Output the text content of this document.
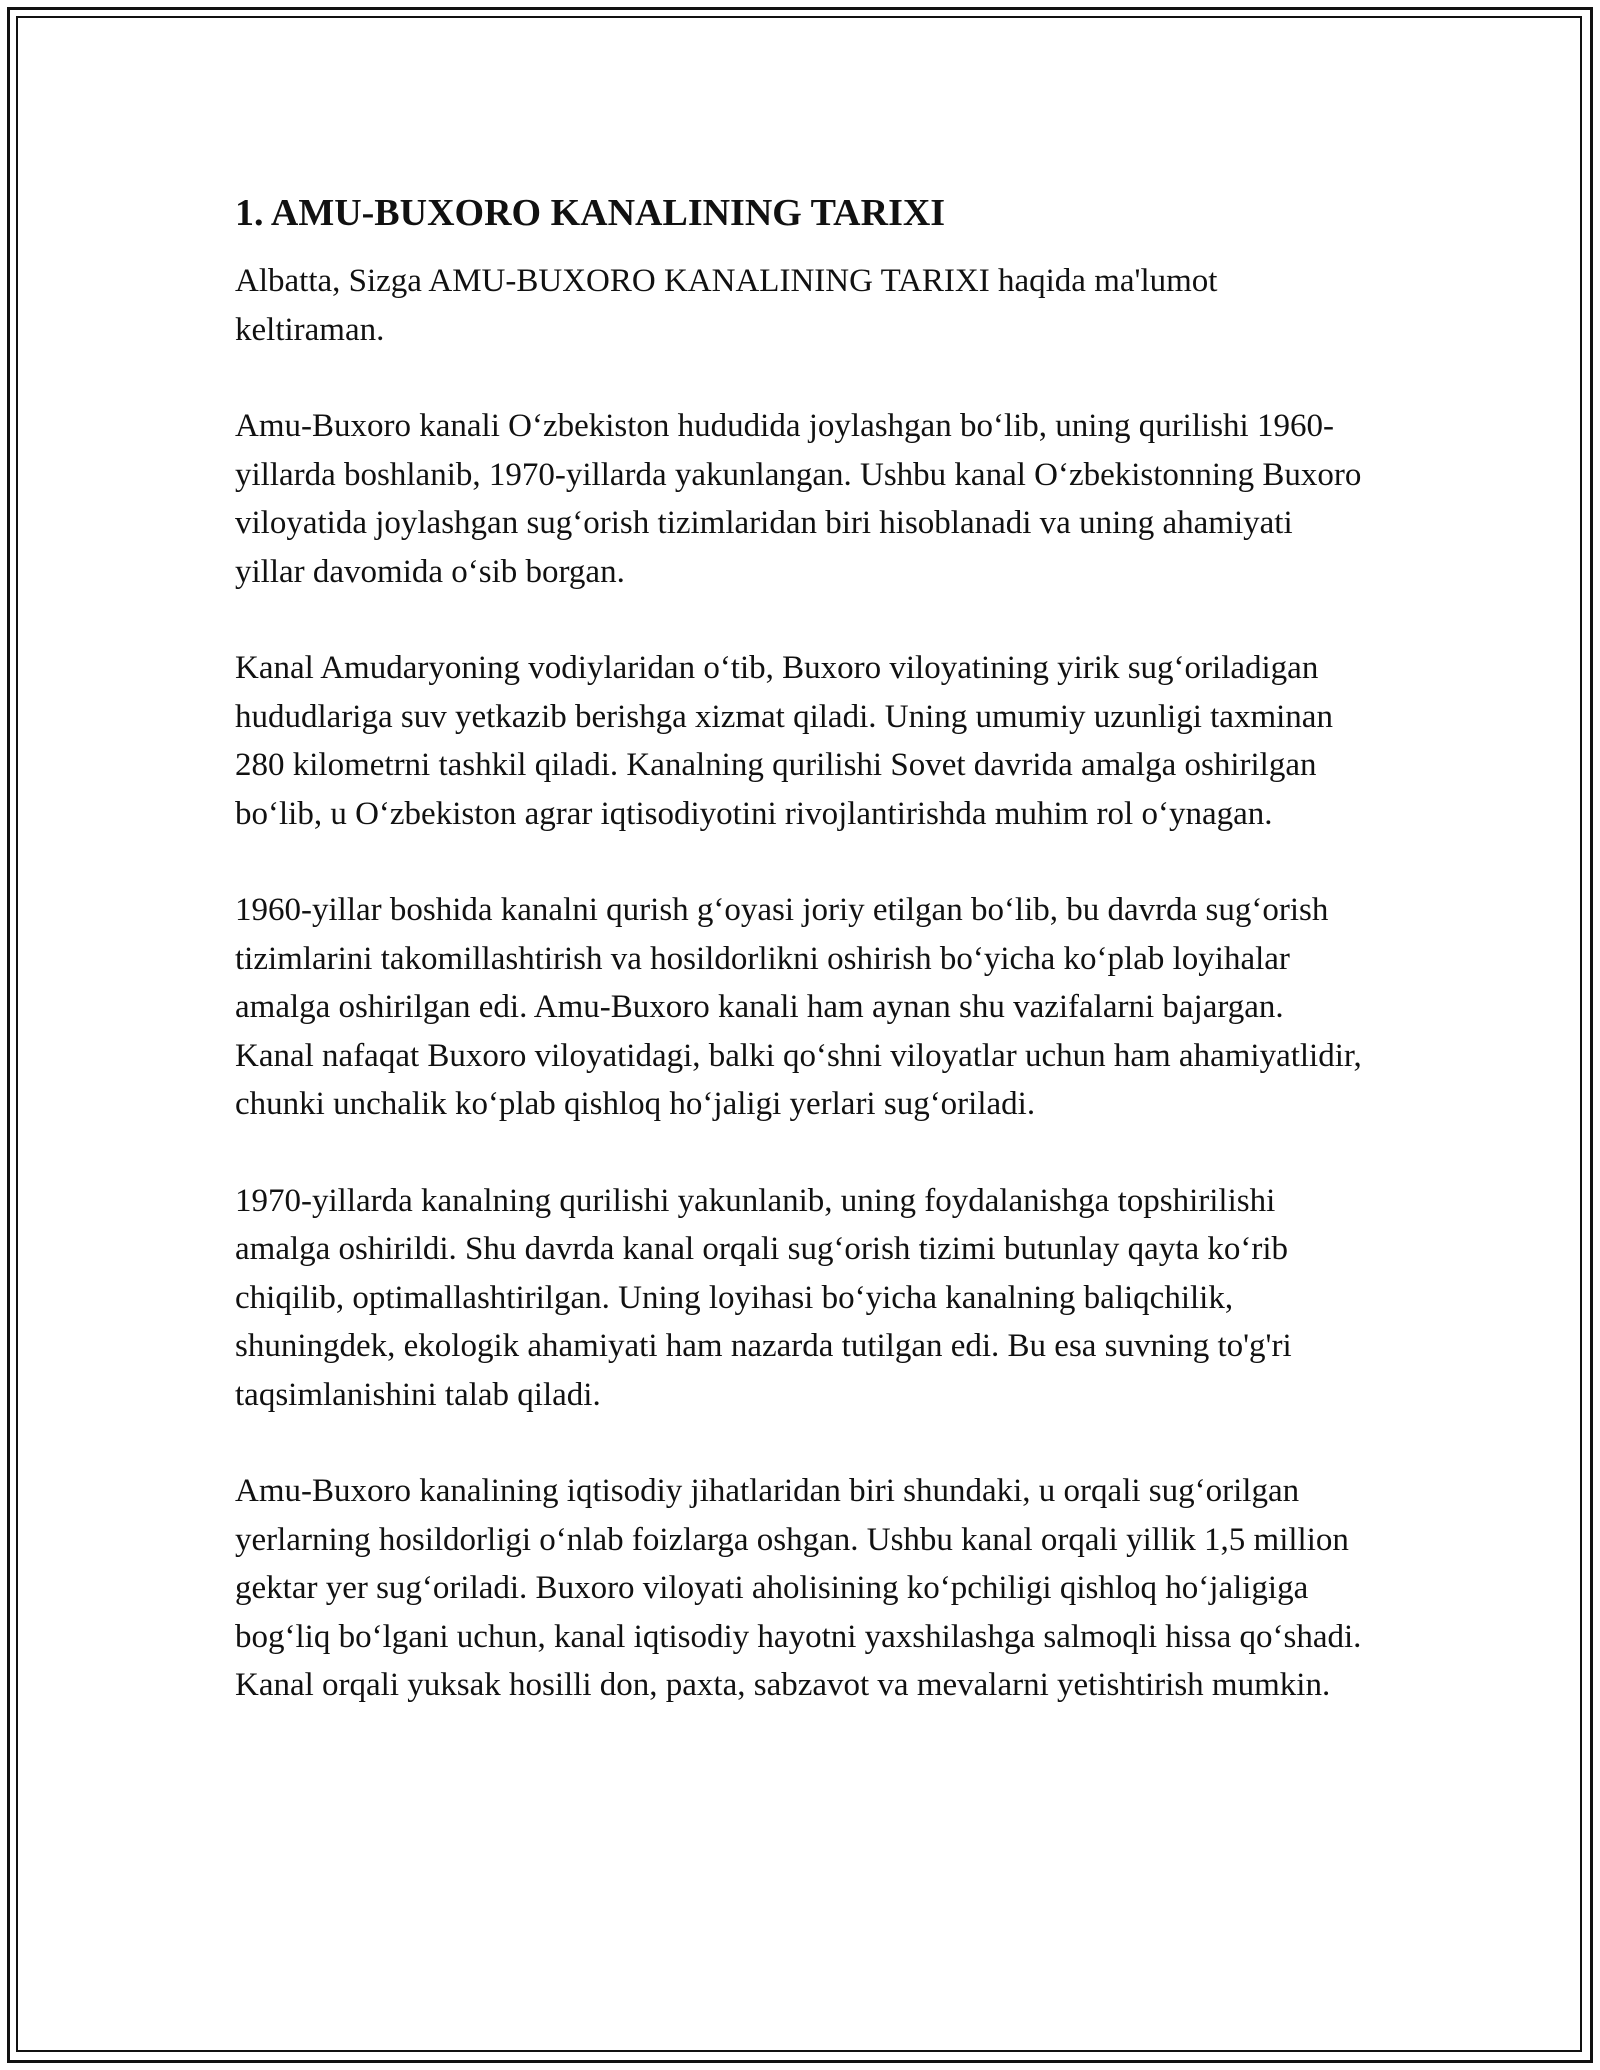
1. AMU-BUXORO KANALINING TARIXI

Albatta, Sizga AMU-BUXORO KANALINING TARIXI haqida ma'lumot keltiraman.

Amu-Buxoro kanali O‘zbekiston hududida joylashgan bo‘lib, uning qurilishi 1960-yillarda boshlanib, 1970-yillarda yakunlangan. Ushbu kanal O‘zbekistonning Buxoro viloyatida joylashgan sug‘orish tizimlaridan biri hisoblanadi va uning ahamiyati yillar davomida o‘sib borgan.

Kanal Amudaryoning vodiylaridan o‘tib, Buxoro viloyatining yirik sug‘oriladigan hududlariga suv yetkazib berishga xizmat qiladi. Uning umumiy uzunligi taxminan 280 kilometrni tashkil qiladi. Kanalning qurilishi Sovet davrida amalga oshirilgan bo‘lib, u O‘zbekiston agrar iqtisodiyotini rivojlantirishda muhim rol o‘ynagan.

1960-yillar boshida kanalni qurish g‘oyasi joriy etilgan bo‘lib, bu davrda sug‘orish tizimlarini takomillashtirish va hosildorlikni oshirish bo‘yicha ko‘plab loyihalar amalga oshirilgan edi. Amu-Buxoro kanali ham aynan shu vazifalarni bajargan. Kanal nafaqat Buxoro viloyatidagi, balki qo‘shni viloyatlar uchun ham ahamiyatlidir, chunki unchalik ko‘plab qishloq ho‘jaligi yerlari sug‘oriladi.

1970-yillarda kanalning qurilishi yakunlanib, uning foydalanishga topshirilishi amalga oshirildi. Shu davrda kanal orqali sug‘orish tizimi butunlay qayta ko‘rib chiqilib, optimallashtirilgan. Uning loyihasi bo‘yicha kanalning baliqchilik, shuningdek, ekologik ahamiyati ham nazarda tutilgan edi. Bu esa suvning to'g'ri taqsimlanishini talab qiladi.

Amu-Buxoro kanalining iqtisodiy jihatlaridan biri shundaki, u orqali sug‘orilgan yerlarning hosildorligi o‘nlab foizlarga oshgan. Ushbu kanal orqali yillik 1,5 million gektar yer sug‘oriladi. Buxoro viloyati aholisining ko‘pchiligi qishloq ho‘jaligiga bog‘liq bo‘lgani uchun, kanal iqtisodiy hayotni yaxshilashga salmoqli hissa qo‘shadi. Kanal orqali yuksak hosilli don, paxta, sabzavot va mevalarni yetishtirish mumkin.
